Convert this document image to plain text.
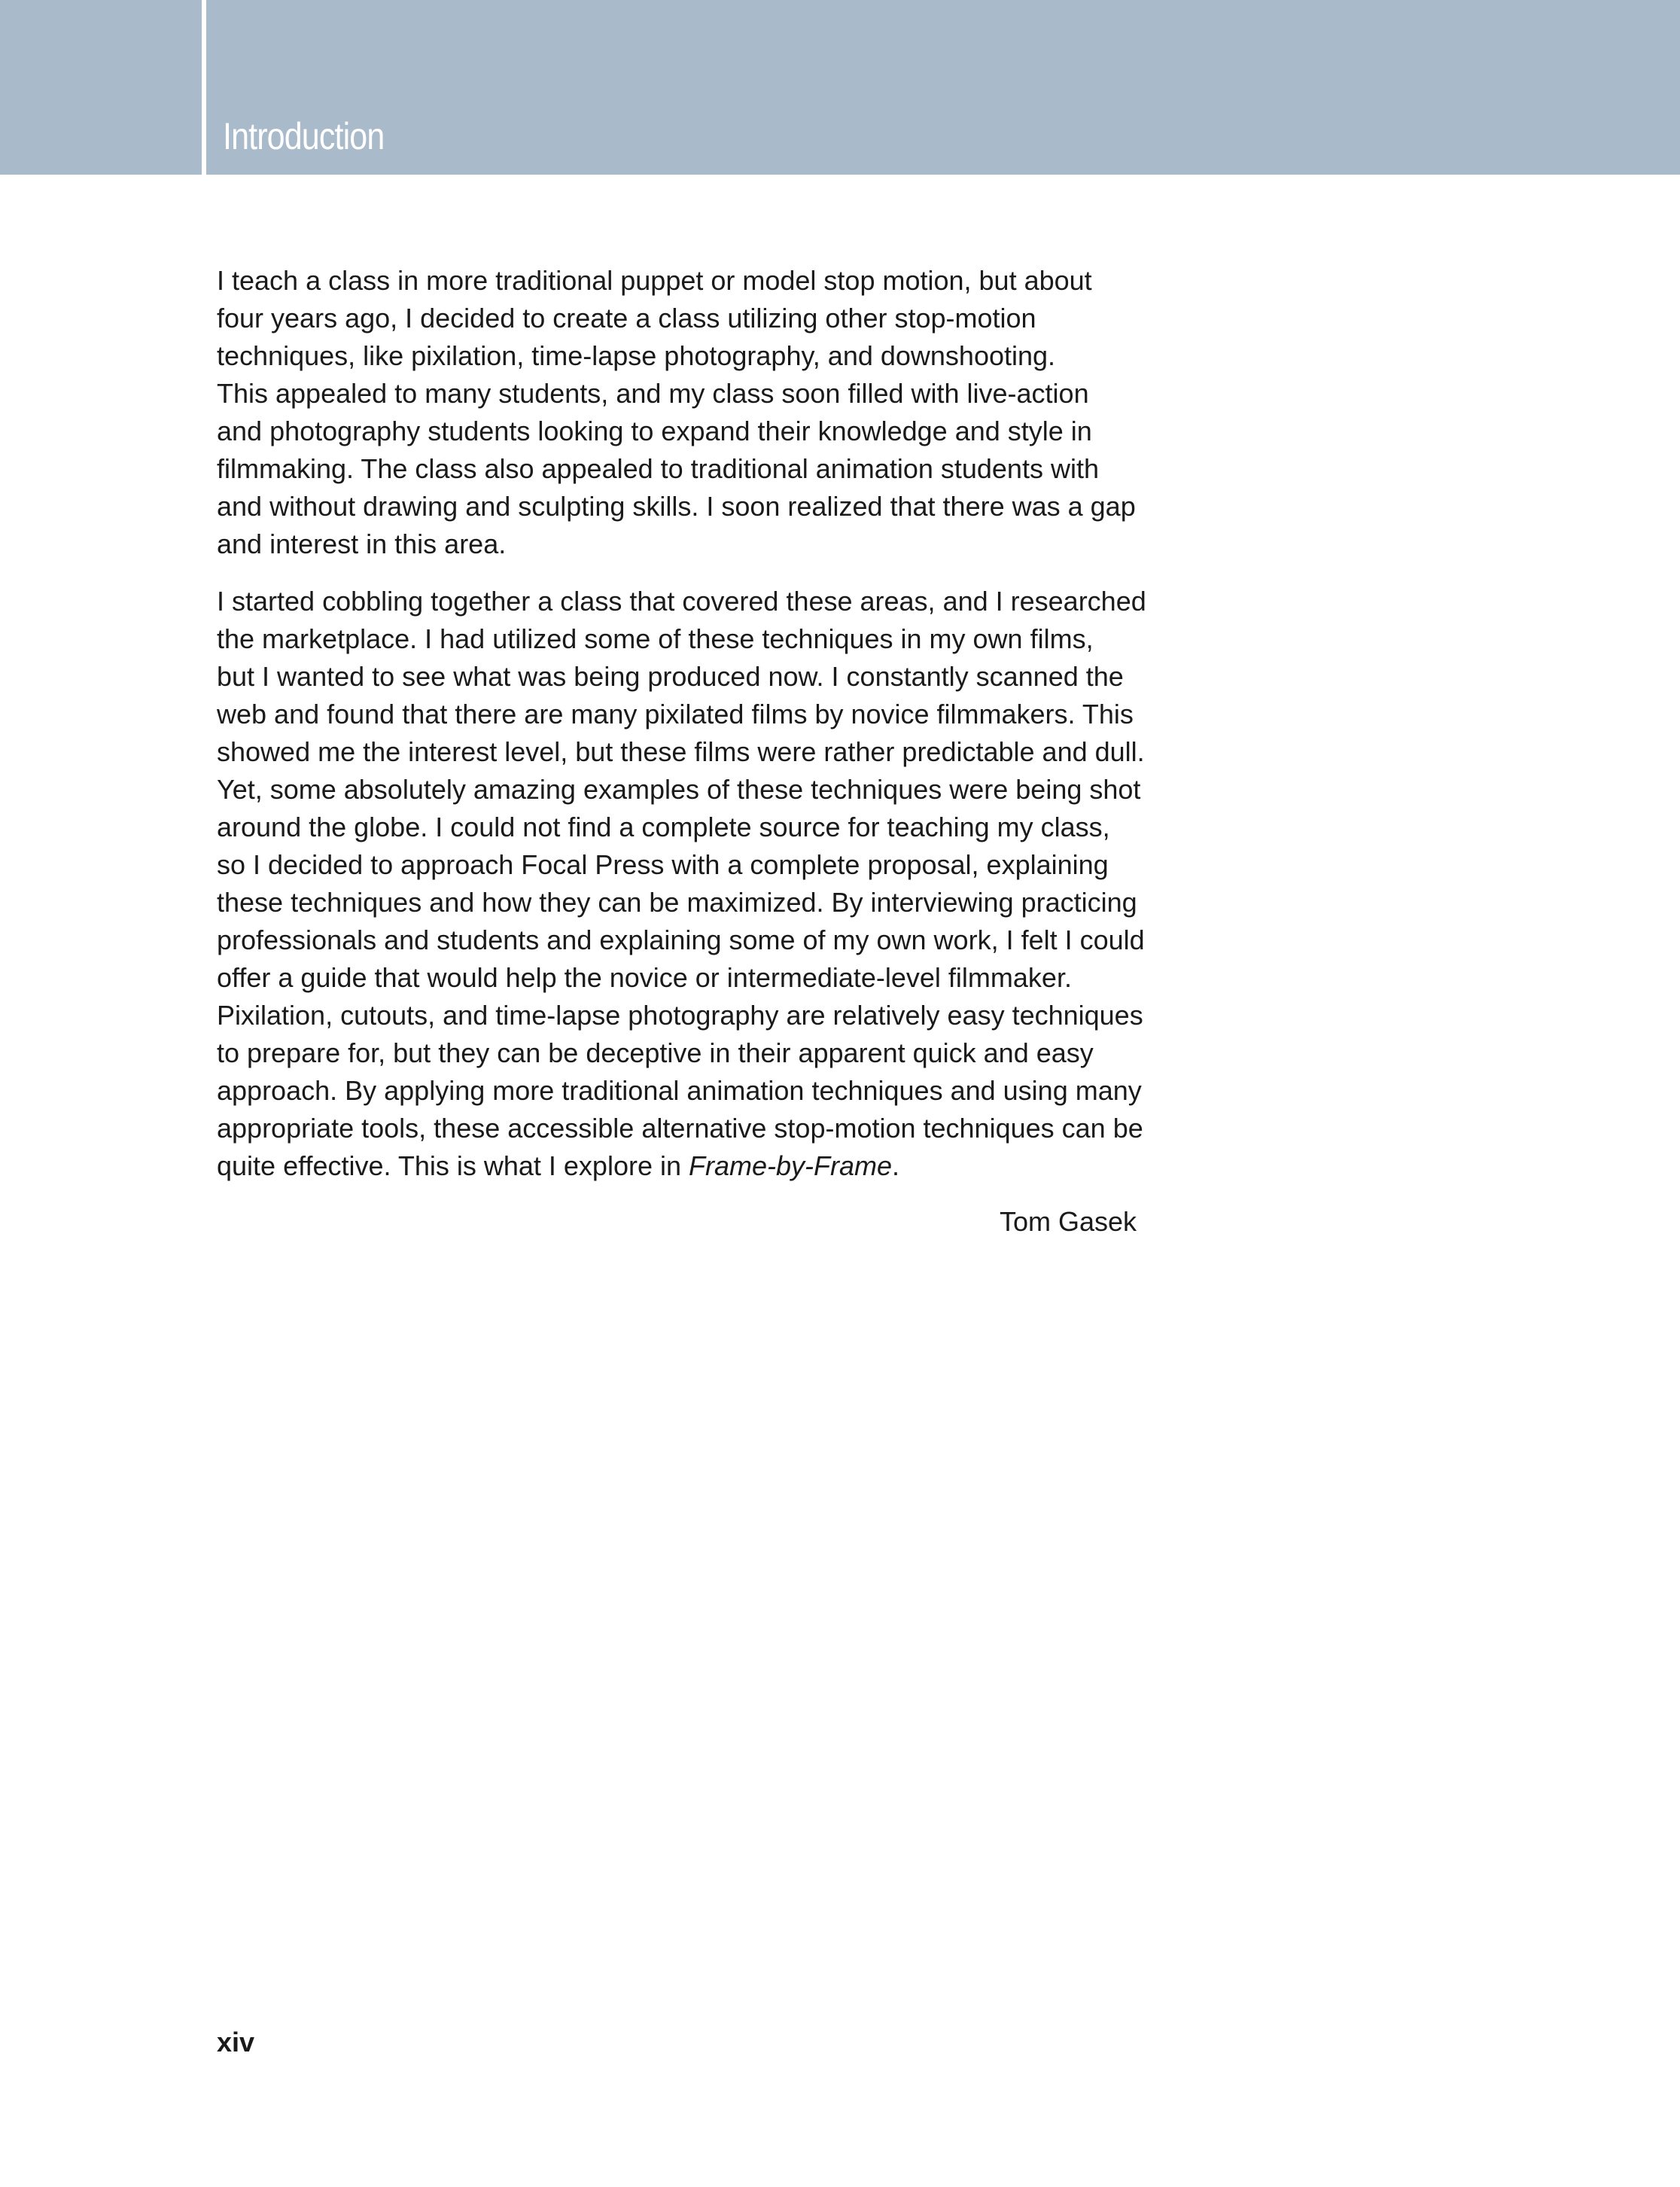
Introduction

I teach a class in more traditional puppet or model stop motion, but about
four years ago, I decided to create a class utilizing other stop-motion
techniques, like pixilation, time-lapse photography, and downshooting.
This appealed to many students, and my class soon filled with live-action
and photography students looking to expand their knowledge and style in
filmmaking. The class also appealed to traditional animation students with
and without drawing and sculpting skills. I soon realized that there was a gap
and interest in this area.

I started cobbling together a class that covered these areas, and I researched
the marketplace. I had utilized some of these techniques in my own films,
but I wanted to see what was being produced now. I constantly scanned the
web and found that there are many pixilated films by novice filmmakers. This
showed me the interest level, but these films were rather predictable and dull.
Yet, some absolutely amazing examples of these techniques were being shot
around the globe. I could not find a complete source for teaching my class,
so I decided to approach Focal Press with a complete proposal, explaining
these techniques and how they can be maximized. By interviewing practicing
professionals and students and explaining some of my own work, I felt I could
offer a guide that would help the novice or intermediate-level filmmaker.
Pixilation, cutouts, and time-lapse photography are relatively easy techniques
to prepare for, but they can be deceptive in their apparent quick and easy
approach. By applying more traditional animation techniques and using many
appropriate tools, these accessible alternative stop-motion techniques can be
quite effective. This is what I explore in Frame-by-Frame.

Tom Gasek
xiv
